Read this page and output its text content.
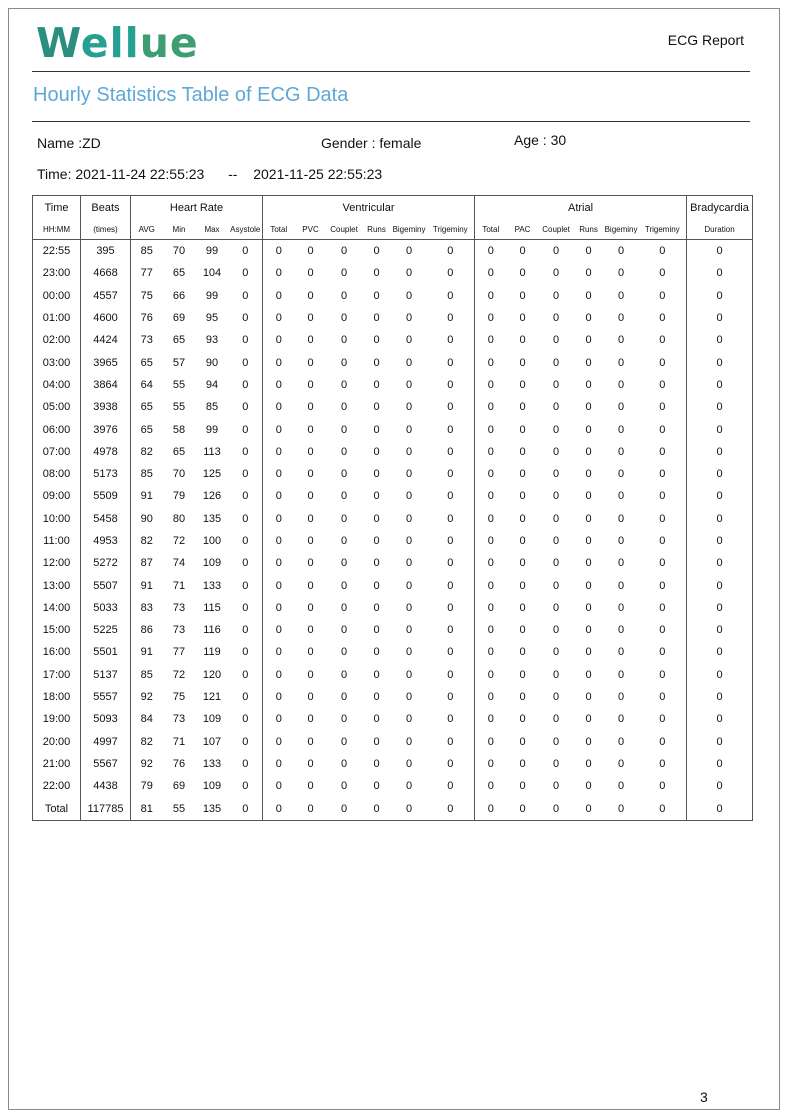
Wellue	ECG Report
Hourly Statistics Table of ECG Data
Name :ZD	Gender : female	Age : 30
Time: 2021-11-24 22:55:23 -- 2021-11-25 22:55:23
Time	Beats	Heart Rate				Ventricular						Atrial						Bradycardia
HH:MM	(times)	AVG	Min	Max	Asystole	Total	PVC	Couplet	Runs	Bigeminy	Trigeminy	Total	PAC	Couplet	Runs	Bigeminy	Trigeminy	Duration
22:55	395	85	70	99	0	0	0	0	0	0	0	0	0	0	0	0	0	0
23:00	4668	77	65	104	0	0	0	0	0	0	0	0	0	0	0	0	0	0
00:00	4557	75	66	99	0	0	0	0	0	0	0	0	0	0	0	0	0	0
01:00	4600	76	69	95	0	0	0	0	0	0	0	0	0	0	0	0	0	0
02:00	4424	73	65	93	0	0	0	0	0	0	0	0	0	0	0	0	0	0
03:00	3965	65	57	90	0	0	0	0	0	0	0	0	0	0	0	0	0	0
04:00	3864	64	55	94	0	0	0	0	0	0	0	0	0	0	0	0	0	0
05:00	3938	65	55	85	0	0	0	0	0	0	0	0	0	0	0	0	0	0
06:00	3976	65	58	99	0	0	0	0	0	0	0	0	0	0	0	0	0	0
07:00	4978	82	65	113	0	0	0	0	0	0	0	0	0	0	0	0	0	0
08:00	5173	85	70	125	0	0	0	0	0	0	0	0	0	0	0	0	0	0
09:00	5509	91	79	126	0	0	0	0	0	0	0	0	0	0	0	0	0	0
10:00	5458	90	80	135	0	0	0	0	0	0	0	0	0	0	0	0	0	0
11:00	4953	82	72	100	0	0	0	0	0	0	0	0	0	0	0	0	0	0
12:00	5272	87	74	109	0	0	0	0	0	0	0	0	0	0	0	0	0	0
13:00	5507	91	71	133	0	0	0	0	0	0	0	0	0	0	0	0	0	0
14:00	5033	83	73	115	0	0	0	0	0	0	0	0	0	0	0	0	0	0
15:00	5225	86	73	116	0	0	0	0	0	0	0	0	0	0	0	0	0	0
16:00	5501	91	77	119	0	0	0	0	0	0	0	0	0	0	0	0	0	0
17:00	5137	85	72	120	0	0	0	0	0	0	0	0	0	0	0	0	0	0
18:00	5557	92	75	121	0	0	0	0	0	0	0	0	0	0	0	0	0	0
19:00	5093	84	73	109	0	0	0	0	0	0	0	0	0	0	0	0	0	0
20:00	4997	82	71	107	0	0	0	0	0	0	0	0	0	0	0	0	0	0
21:00	5567	92	76	133	0	0	0	0	0	0	0	0	0	0	0	0	0	0
22:00	4438	79	69	109	0	0	0	0	0	0	0	0	0	0	0	0	0	0
Total	117785	81	55	135	0	0	0	0	0	0	0	0	0	0	0	0	0	0
3
